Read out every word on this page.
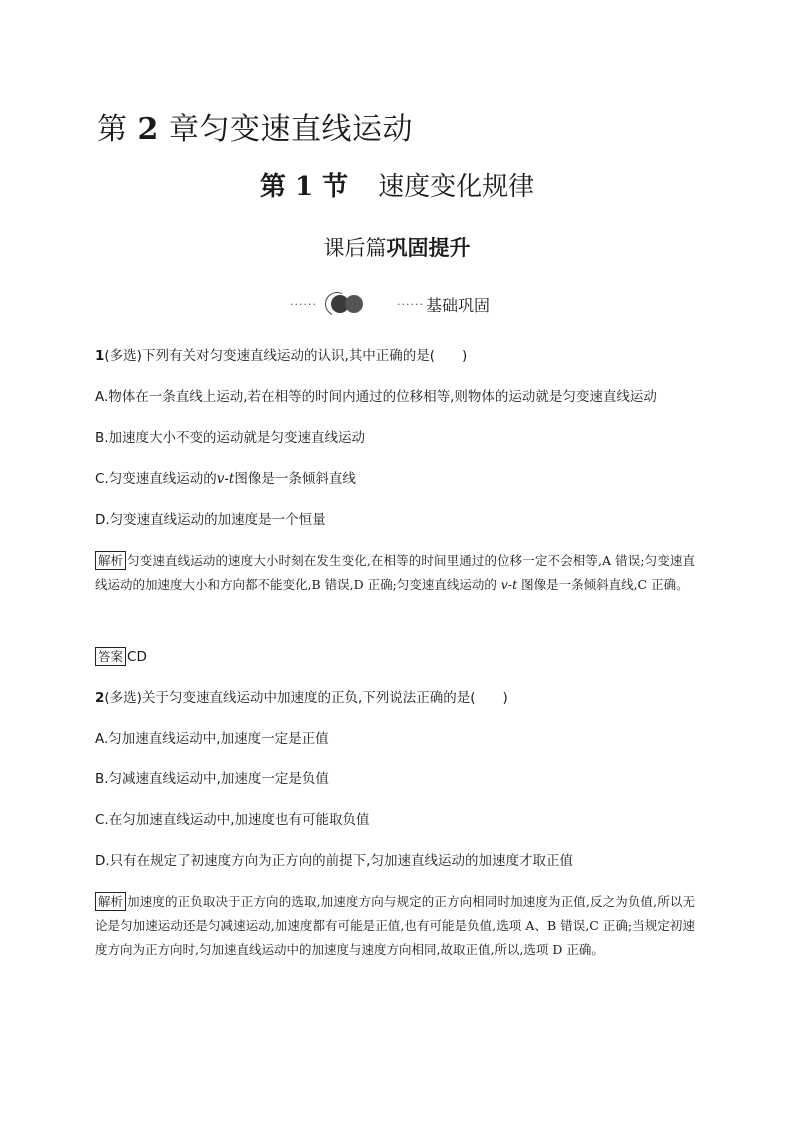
第 2 章匀变速直线运动
第 1 节 速度变化规律
课后篇巩固提升
······	······ 基础巩固
1(多选)下列有关对匀变速直线运动的认识,其中正确的是(　　)
A.物体在一条直线上运动,若在相等的时间内通过的位移相等,则物体的运动就是匀变速直线运动
B.加速度大小不变的运动就是匀变速直线运动
C.匀变速直线运动的v-t图像是一条倾斜直线
D.匀变速直线运动的加速度是一个恒量
解析 匀变速直线运动的速度大小时刻在发生变化,在相等的时间里通过的位移一定不会相等,A 错误;匀变速直线运动的加速度大小和方向都不能变化,B 错误,D 正确;匀变速直线运动的 v-t 图像是一条倾斜直线,C 正确。
答案 CD
2(多选)关于匀变速直线运动中加速度的正负,下列说法正确的是(　　)
A.匀加速直线运动中,加速度一定是正值
B.匀减速直线运动中,加速度一定是负值
C.在匀加速直线运动中,加速度也有可能取负值
D.只有在规定了初速度方向为正方向的前提下,匀加速直线运动的加速度才取正值
解析 加速度的正负取决于正方向的选取,加速度方向与规定的正方向相同时加速度为正值,反之为负值,所以无论是匀加速运动还是匀减速运动,加速度都有可能是正值,也有可能是负值,选项 A、B 错误,C 正确;当规定初速度方向为正方向时,匀加速直线运动中的加速度与速度方向相同,故取正值,所以,选项 D 正确。
